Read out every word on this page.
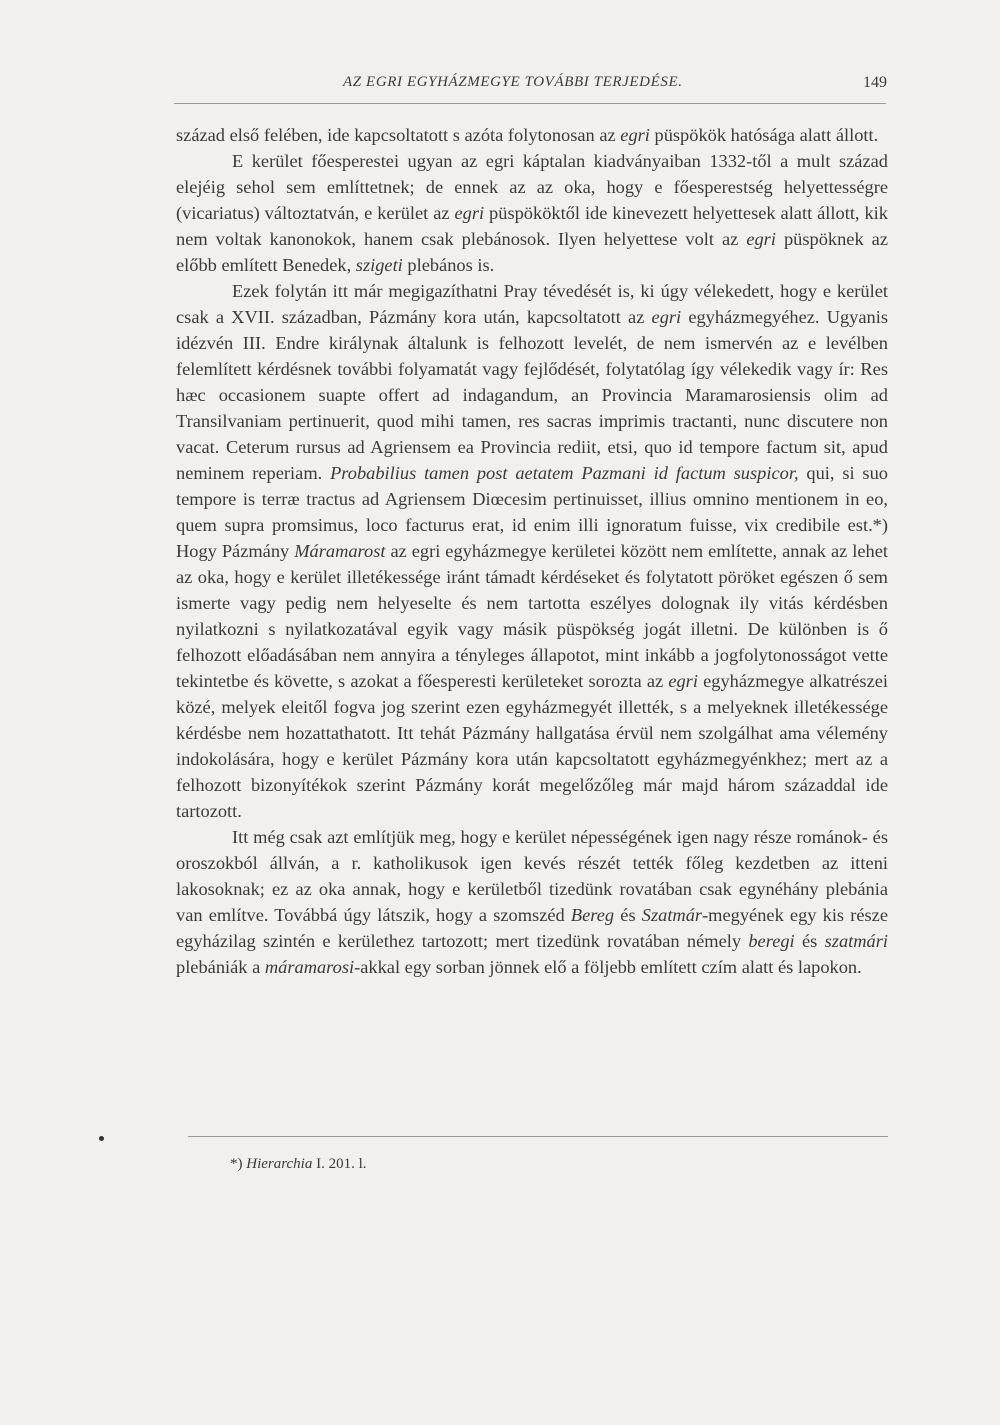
AZ EGRI EGYHÁZMEGYE TOVÁBBI TERJEDÉSE.	149

század első felében, ide kapcsoltatott s azóta folytonosan az egri püspökök hatósága alatt állott.

E kerület főesperestei ugyan az egri káptalan kiadványaiban 1332-től a mult század elejéig sehol sem említtetnek; de ennek az az oka, hogy e főesperestség helyettességre (vicariatus) változtatván, e kerület az egri püspököktől ide kinevezett helyettesek alatt állott, kik nem voltak kanonokok, hanem csak plebánosok. Ilyen helyettese volt az egri püspöknek az előbb említett Benedek, szigeti plebános is.

Ezek folytán itt már megigazíthatni Pray tévedését is, ki úgy vélekedett, hogy e kerület csak a XVII. században, Pázmány kora után, kapcsoltatott az egri egyházmegyéhez. Ugyanis idézvén III. Endre királynak általunk is felhozott levelét, de nem ismervén az e levélben felemlített kérdésnek további folyamatát vagy fejlődését, folytatólag így vélekedik vagy ír: Res hæc occasionem suapte offert ad indagandum, an Provincia Maramarosiensis olim ad Transilvaniam pertinuerit, quod mihi tamen, res sacras imprimis tractanti, nunc discutere non vacat. Ceterum rursus ad Agriensem ea Provincia rediit, etsi, quo id tempore factum sit, apud neminem reperiam. Probabilius tamen post aetatem Pazmani id factum suspicor, qui, si suo tempore is terræ tractus ad Agriensem Diœcesim pertinuisset, illius omnino mentionem in eo, quem supra promsimus, loco facturus erat, id enim illi ignoratum fuisse, vix credibile est.*) Hogy Pázmány Máramarost az egri egyházmegye kerületei között nem említette, annak az lehet az oka, hogy e kerület illetékessége iránt támadt kérdéseket és folytatott pöröket egészen ő sem ismerte vagy pedig nem helyeselte és nem tartotta eszélyes dolognak ily vitás kérdésben nyilatkozni s nyilatkozatával egyik vagy másik püspökség jogát illetni. De különben is ő felhozott előadásában nem annyira a tényleges állapotot, mint inkább a jogfolytonosságot vette tekintetbe és követte, s azokat a főesperesti kerületeket sorozta az egri egyházmegye alkatrészei közé, melyek eleitől fogva jog szerint ezen egyházmegyét illették, s a melyeknek illetékessége kérdésbe nem hozattathatott. Itt tehát Pázmány hallgatása érvül nem szolgálhat ama vélemény indokolására, hogy e kerület Pázmány kora után kapcsoltatott egyházmegyénkhez; mert az a felhozott bizonyítékok szerint Pázmány korát megelőzőleg már majd három századdal ide tartozott.

Itt még csak azt említjük meg, hogy e kerület népességének igen nagy része románok- és oroszokból állván, a r. katholikusok igen kevés részét tették főleg kezdetben az itteni lakosoknak; ez az oka annak, hogy e kerületből tizedünk rovatában csak egynéhány plebánia van említve. Továbbá úgy látszik, hogy a szomszéd Bereg és Szatmár-megyének egy kis része egyházilag szintén e kerülethez tartozott; mert tizedünk rovatában némely beregi és szatmári plebániák a máramarosi-akkal egy sorban jönnek elő a följebb említett czím alatt és lapokon.

*) Hierarchia I. 201. l.
